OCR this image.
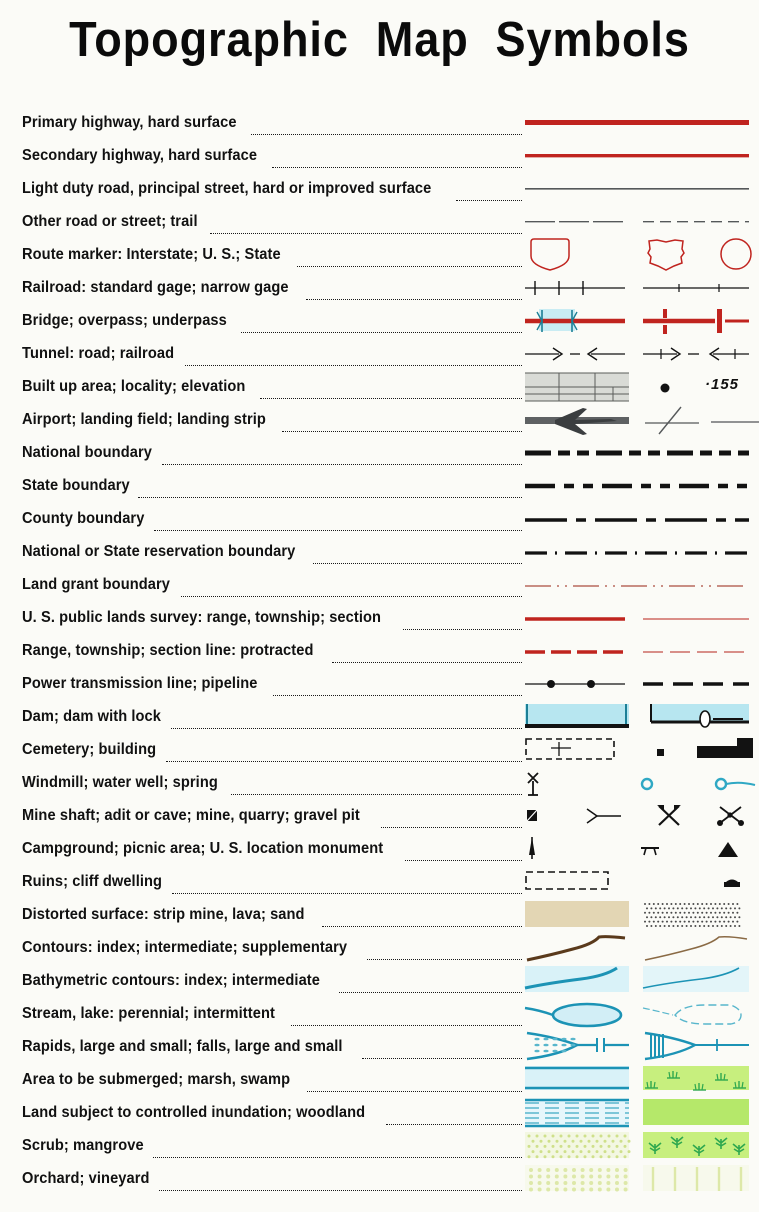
Topographic  Map  Symbols
Primary highway, hard surface
Secondary highway, hard surface
Light duty road, principal street, hard or improved surface
Other road or street; trail
Route marker: Interstate; U. S.; State
Railroad: standard gage; narrow gage
Bridge; overpass; underpass
Tunnel: road; railroad
Built up area; locality; elevation	·155
Airport; landing field; landing strip
National boundary
State boundary
County boundary
National or State reservation boundary
Land grant boundary
U. S. public lands survey: range, township; section
Range, township; section line: protracted
Power transmission line; pipeline
Dam; dam with lock
Cemetery; building
Windmill; water well; spring
Mine shaft; adit or cave; mine, quarry; gravel pit
Campground; picnic area; U. S. location monument
Ruins; cliff dwelling
Distorted surface: strip mine, lava; sand
Contours: index; intermediate; supplementary
Bathymetric contours: index; intermediate
Stream, lake: perennial; intermittent
Rapids, large and small; falls, large and small
Area to be submerged; marsh, swamp
Land subject to controlled inundation; woodland
Scrub; mangrove
Orchard; vineyard
